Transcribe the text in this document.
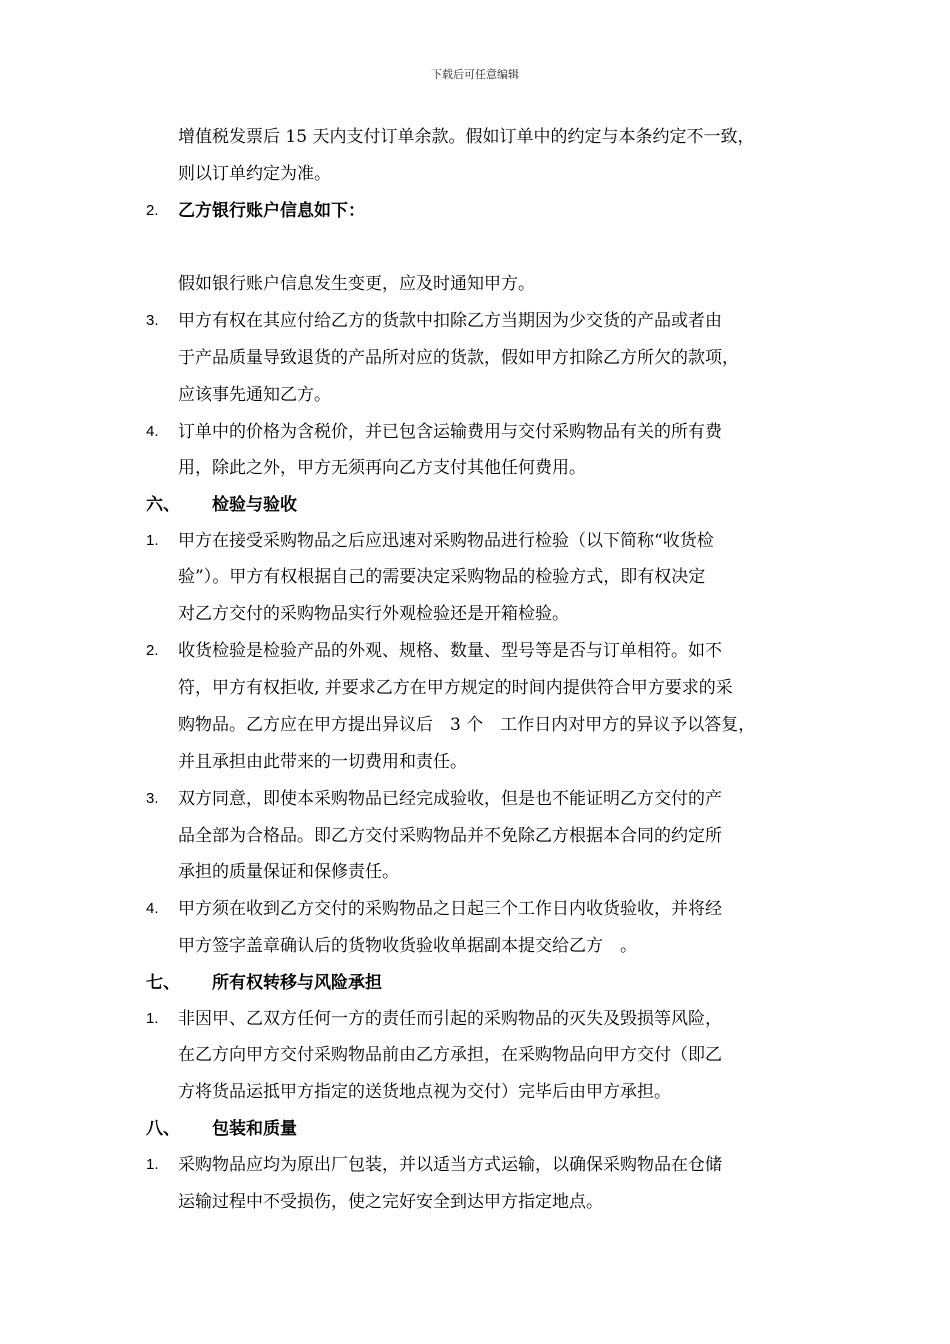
下载后可任意编辑
增值税发票后 15 天内支付订单余款。假如订单中的约定与本条约定不一致，
则以订单约定为准。
2. 乙方银行账户信息如下：
假如银行账户信息发生变更，应及时通知甲方。
3. 甲方有权在其应付给乙方的货款中扣除乙方当期因为少交货的产品或者由
于产品质量导致退货的产品所对应的货款，假如甲方扣除乙方所欠的款项，
应该事先通知乙方。
4. 订单中的价格为含税价，并已包含运输费用与交付采购物品有关的所有费
用，除此之外，甲方无须再向乙方支付其他任何费用。
六、 检验与验收
1. 甲方在接受采购物品之后应迅速对采购物品进行检验（以下简称“收货检
验”）。甲方有权根据自己的需要决定采购物品的检验方式，即有权决定
对乙方交付的采购物品实行外观检验还是开箱检验。
2. 收货检验是检验产品的外观、规格、数量、型号等是否与订单相符。如不
符，甲方有权拒收, 并要求乙方在甲方规定的时间内提供符合甲方要求的采
购物品。乙方应在甲方提出异议后　3 个　工作日内对甲方的异议予以答复，
并且承担由此带来的一切费用和责任。
3. 双方同意，即使本采购物品已经完成验收，但是也不能证明乙方交付的产
品全部为合格品。即乙方交付采购物品并不免除乙方根据本合同的约定所
承担的质量保证和保修责任。
4. 甲方须在收到乙方交付的采购物品之日起三个工作日内收货验收，并将经
甲方签字盖章确认后的货物收货验收单据副本提交给乙方　。
七、 所有权转移与风险承担
1. 非因甲、乙双方任何一方的责任而引起的采购物品的灭失及毁损等风险，
在乙方向甲方交付采购物品前由乙方承担，在采购物品向甲方交付（即乙
方将货品运抵甲方指定的送货地点视为交付）完毕后由甲方承担。
八、 包装和质量
1. 采购物品应均为原出厂包装，并以适当方式运输，以确保采购物品在仓储
运输过程中不受损伤，使之完好安全到达甲方指定地点。
